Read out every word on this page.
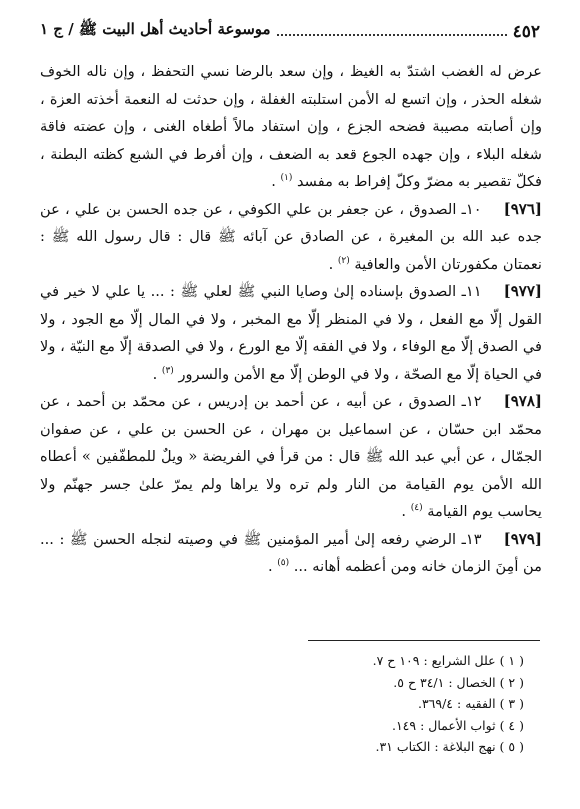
٤٥٢
موسوعة أحاديث أهل البيت ﷺ / ج ١

عرض له الغضب اشتدّ به الغيظ ، وإن سعد بالرضا نسي التحفظ ، وإن ناله الخوف شغله الحذر ، وإن اتسع له الأمن استلبته الغفلة ، وإن حدثت له النعمة أخذته العزة ، وإن أصابته مصيبة فضحه الجزع ، وإن استفاد مالاً أطغاه الغنى ، وإن عضته فاقة شغله البلاء ، وإن جهده الجوع قعد به الضعف ، وإن أفرط في الشبع كظته البطنة ، فكلّ تقصير به مضرّ وكلّ إفراط به مفسد $^{(١)}$ .

[٩٧٦]١٠ـ الصدوق ، عن جعفر بن علي الكوفي ، عن جده الحسن بن علي ، عن جده عبد الله بن المغيرة ، عن الصادق عن آبائه ﷺ قال : قال رسول الله ﷺ : نعمتان مكفورتان الأمن والعافية $^{(٢)}$ .

[٩٧٧]١١ـ الصدوق بإسناده إلىٰ وصايا النبي ﷺ لعلي ﷺ : ... يا علي لا خير في القول إلّا مع الفعل ، ولا في المنظر إلّا مع المخبر ، ولا في المال إلّا مع الجود ، ولا في الصدق إلّا مع الوفاء ، ولا في الفقه إلّا مع الورع ، ولا في الصدقة إلّا مع النيّة ، ولا في الحياة إلّا مع الصحّة ، ولا في الوطن إلّا مع الأمن والسرور $^{(٣)}$ .

[٩٧٨]١٢ـ الصدوق ، عن أبيه ، عن أحمد بن إدريس ، عن محمّد بن أحمد ، عن محمّد ابن حسّان ، عن اسماعيل بن مهران ، عن الحسن بن علي ، عن صفوان الجمّال ، عن أبي عبد الله ﷺ قال : من قرأ في الفريضة « ويلٌ للمطفّفين » أعطاه الله الأمن يوم القيامة من النار ولم تره ولا يراها ولم يمرّ علىٰ جسر جهنّم ولا يحاسب يوم القيامة $^{(٤)}$ .

[٩٧٩]١٣ـ الرضي رفعه إلىٰ أمير المؤمنين ﷺ في وصيته لنجله الحسن ﷺ : ... من أمِنَ الزمان خانه ومن أعظمه أهانه ... $^{(٥)}$ .

( ١ ) علل الشرايع : ١٠٩ ح ٧.
( ٢ ) الخصال : ٣٤/١ ح ٥.
( ٣ ) الفقيه : ٣٦٩/٤.
( ٤ ) ثواب الأعمال : ١٤٩.
( ٥ ) نهج البلاغة : الكتاب ٣١.
